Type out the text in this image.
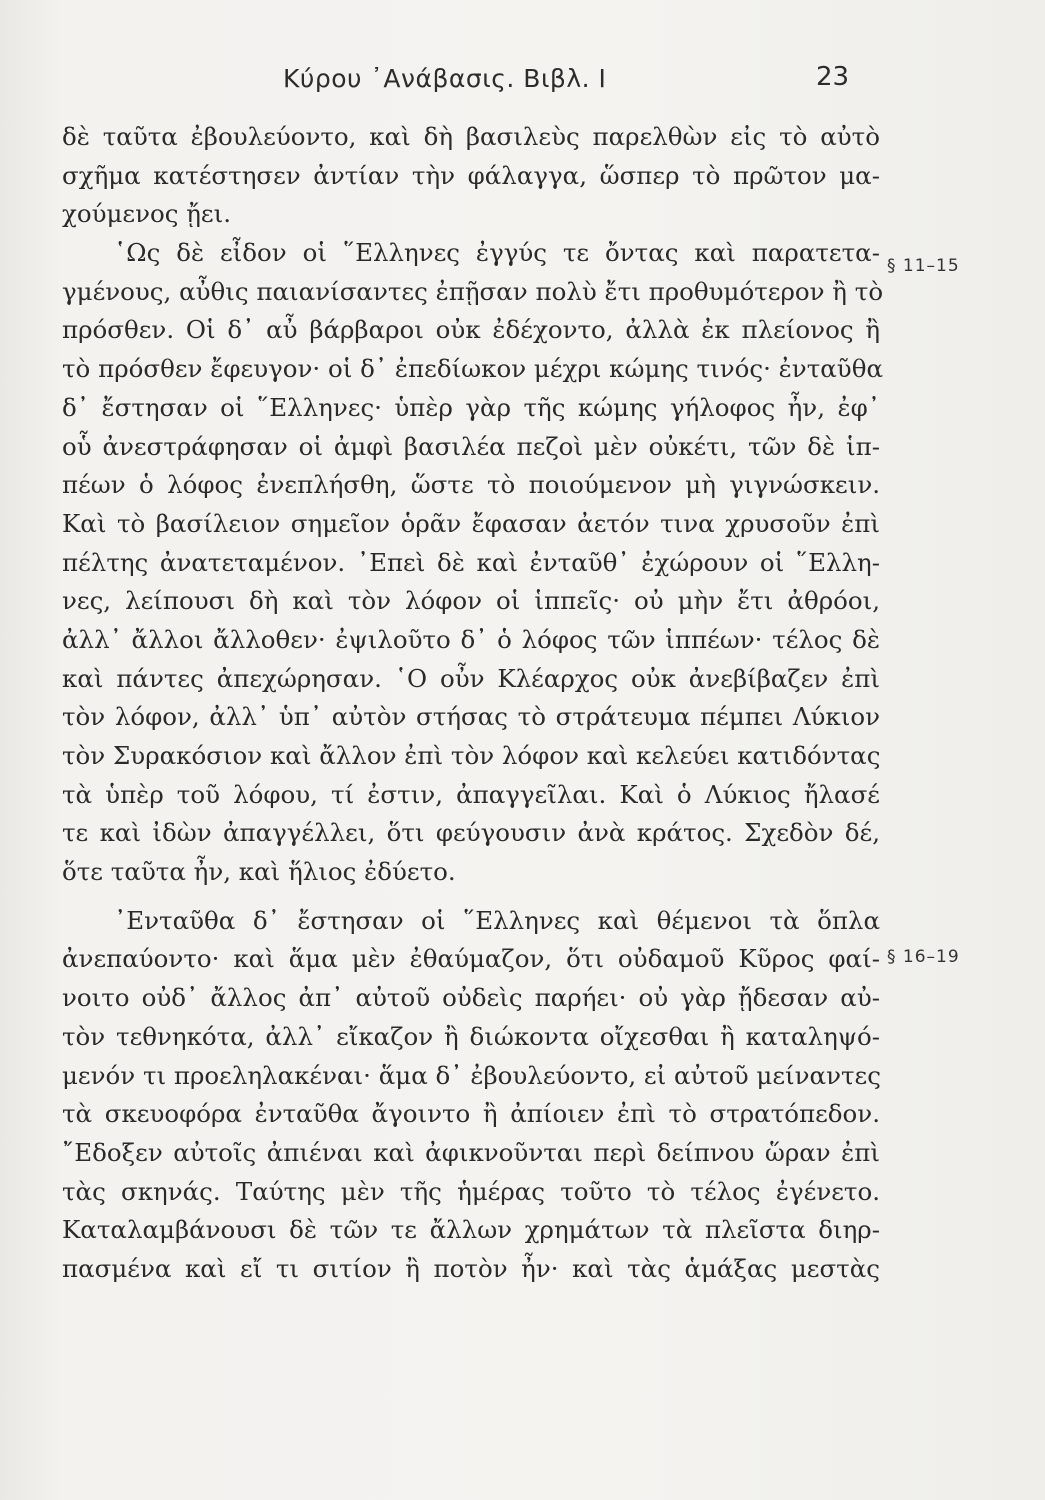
Κύρου ᾿Ανάβασις. Βιβλ. Ι	23
§ 11–15
§ 16–19
δὲ ταῦτα ἐβουλεύοντο, καὶ δὴ βασιλεὺς παρελθὼν εἰς τὸ αὐτὸ
σχῆμα κατέστησεν ἀντίαν τὴν φάλαγγα, ὥσπερ τὸ πρῶτον μα-
χούμενος ᾔει.
῾Ως δὲ εἶδον οἱ ῞Ελληνες ἐγγύς τε ὄντας καὶ παρατετα-
γμένους, αὖθις παιανίσαντες ἐπῇσαν πολὺ ἔτι προθυμότερον ἢ τὸ
πρόσθεν. Οἱ δ᾿ αὖ βάρβαροι οὐκ ἐδέχοντο, ἀλλὰ ἐκ πλείονος ἢ
τὸ πρόσθεν ἔφευγον· οἱ δ᾿ ἐπεδίωκον μέχρι κώμης τινός· ἐνταῦθα
δ᾿ ἔστησαν οἱ ῞Ελληνες· ὑπὲρ γὰρ τῆς κώμης γήλοφος ἦν, ἐφ᾿
οὗ ἀνεστράφησαν οἱ ἀμφὶ βασιλέα πεζοὶ μὲν οὐκέτι, τῶν δὲ ἱπ-
πέων ὁ λόφος ἐνεπλήσθη, ὥστε τὸ ποιούμενον μὴ γιγνώσκειν.
Καὶ τὸ βασίλειον σημεῖον ὁρᾶν ἔφασαν ἀετόν τινα χρυσοῦν ἐπὶ
πέλτης ἀνατεταμένον. ᾿Επεὶ δὲ καὶ ἐνταῦθ᾿ ἐχώρουν οἱ ῞Ελλη-
νες, λείπουσι δὴ καὶ τὸν λόφον οἱ ἱππεῖς· οὐ μὴν ἔτι ἀθρόοι,
ἀλλ᾿ ἄλλοι ἄλλοθεν· ἐψιλοῦτο δ᾿ ὁ λόφος τῶν ἱππέων· τέλος δὲ
καὶ πάντες ἀπεχώρησαν. ῾Ο οὖν Κλέαρχος οὐκ ἀνεβίβαζεν ἐπὶ
τὸν λόφον, ἀλλ᾿ ὑπ᾿ αὐτὸν στήσας τὸ στράτευμα πέμπει Λύκιον
τὸν Συρακόσιον καὶ ἄλλον ἐπὶ τὸν λόφον καὶ κελεύει κατιδόντας
τὰ ὑπὲρ τοῦ λόφου, τί ἐστιν, ἀπαγγεῖλαι. Καὶ ὁ Λύκιος ἤλασέ
τε καὶ ἰδὼν ἀπαγγέλλει, ὅτι φεύγουσιν ἀνὰ κράτος. Σχεδὸν δέ,
ὅτε ταῦτα ἦν, καὶ ἥλιος ἐδύετο.
᾿Ενταῦθα δ᾿ ἔστησαν οἱ ῞Ελληνες καὶ θέμενοι τὰ ὅπλα
ἀνεπαύοντο· καὶ ἅμα μὲν ἐθαύμαζον, ὅτι οὐδαμοῦ Κῦρος φαί-
νοιτο οὐδ᾿ ἄλλος ἀπ᾿ αὐτοῦ οὐδεὶς παρήει· οὐ γὰρ ᾔδεσαν αὐ-
τὸν τεθνηκότα, ἀλλ᾿ εἴκαζον ἢ διώκοντα οἴχεσθαι ἢ καταληψό-
μενόν τι προεληλακέναι· ἅμα δ᾿ ἐβουλεύοντο, εἰ αὐτοῦ μείναντες
τὰ σκευοφόρα ἐνταῦθα ἄγοιντο ἢ ἀπίοιεν ἐπὶ τὸ στρατόπεδον.
῎Εδοξεν αὐτοῖς ἀπιέναι καὶ ἀφικνοῦνται περὶ δείπνου ὥραν ἐπὶ
τὰς σκηνάς. Ταύτης μὲν τῆς ἡμέρας τοῦτο τὸ τέλος ἐγένετο.
Καταλαμβάνουσι δὲ τῶν τε ἄλλων χρημάτων τὰ πλεῖστα διηρ-
πασμένα καὶ εἴ τι σιτίον ἢ ποτὸν ἦν· καὶ τὰς ἁμάξας μεστὰς
